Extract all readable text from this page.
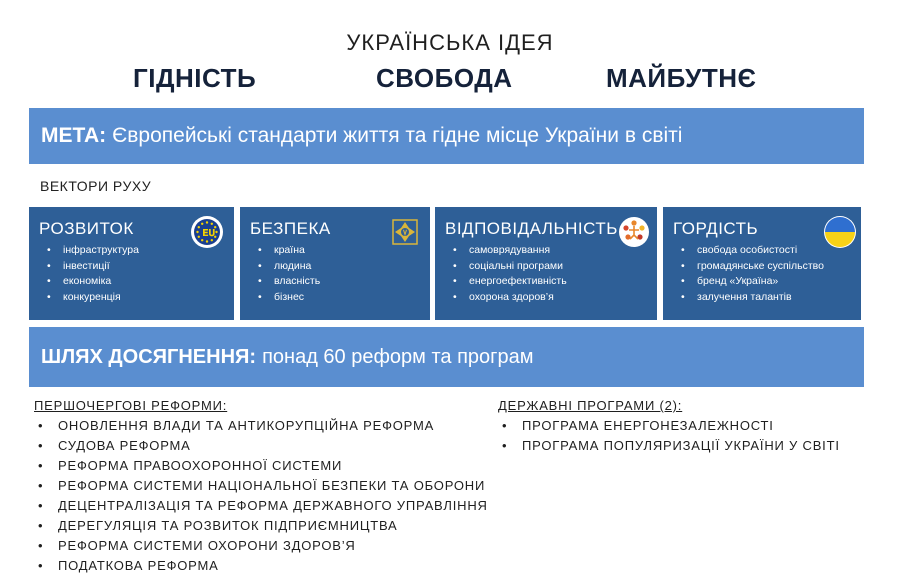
УКРАЇНСЬКА ІДЕЯ
ГІДНІСТЬ	СВОБОДА	МАЙБУТНЄ
МЕТА: Європейські стандарти життя та гідне місце України в світі
ВЕКТОРИ РУХУ
РОЗВИТОК
• інфраструктура
• інвестиції
• економіка
• конкуренція
БЕЗПЕКА
• країна
• людина
• власність
• бізнес
ВІДПОВІДАЛЬНІСТЬ
• самоврядування
• соціальні програми
• енергоефективність
• охорона здоров’я
ГОРДІСТЬ
• свобода особистості
• громадянське суспільство
• бренд «Україна»
• залучення талантів
ШЛЯХ ДОСЯГНЕННЯ: понад 60 реформ та програм
ПЕРШОЧЕРГОВІ РЕФОРМИ:
• ОНОВЛЕННЯ ВЛАДИ ТА АНТИКОРУПЦІЙНА РЕФОРМА
• СУДОВА РЕФОРМА
• РЕФОРМА ПРАВООХОРОННОЇ СИСТЕМИ
• РЕФОРМА СИСТЕМИ НАЦІОНАЛЬНОЇ БЕЗПЕКИ ТА ОБОРОНИ
• ДЕЦЕНТРАЛІЗАЦІЯ ТА РЕФОРМА ДЕРЖАВНОГО УПРАВЛІННЯ
• ДЕРЕГУЛЯЦІЯ ТА РОЗВИТОК ПІДПРИЄМНИЦТВА
• РЕФОРМА СИСТЕМИ ОХОРОНИ ЗДОРОВ’Я
• ПОДАТКОВА РЕФОРМА
ДЕРЖАВНІ ПРОГРАМИ (2):
• ПРОГРАМА ЕНЕРГОНЕЗАЛЕЖНОСТІ
• ПРОГРАМА ПОПУЛЯРИЗАЦІЇ УКРАЇНИ У СВІТІ
